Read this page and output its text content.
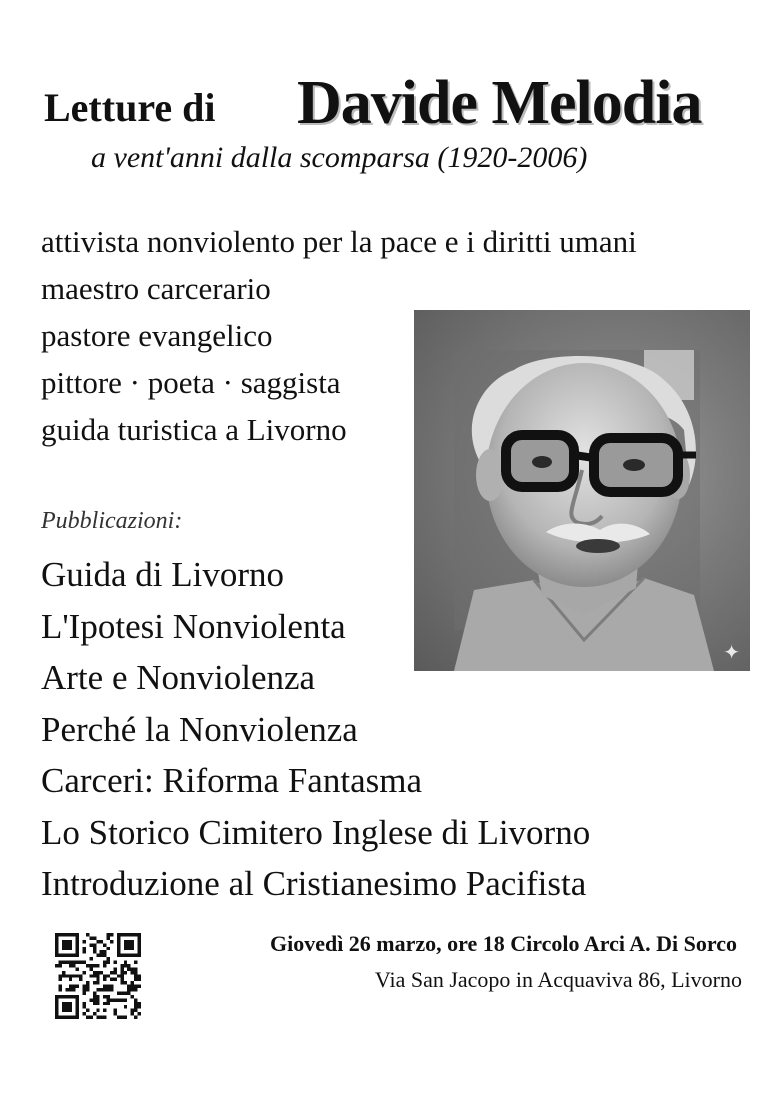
Letture di Davide Melodia
a vent'anni dalla scomparsa (1920-2006)
attivista nonviolento per la pace e i diritti umani
maestro carcerario
pastore evangelico
pittore · poeta · saggista
guida turistica a Livorno
✦
Pubblicazioni:
Guida di Livorno
L'Ipotesi Nonviolenta
Arte e Nonviolenza
Perché la Nonviolenza
Carceri: Riforma Fantasma
Lo Storico Cimitero Inglese di Livorno
Introduzione al Cristianesimo Pacifista
Giovedì 26 marzo, ore 18 Circolo Arci A. Di Sorco
Via San Jacopo in Acquaviva 86, Livorno
